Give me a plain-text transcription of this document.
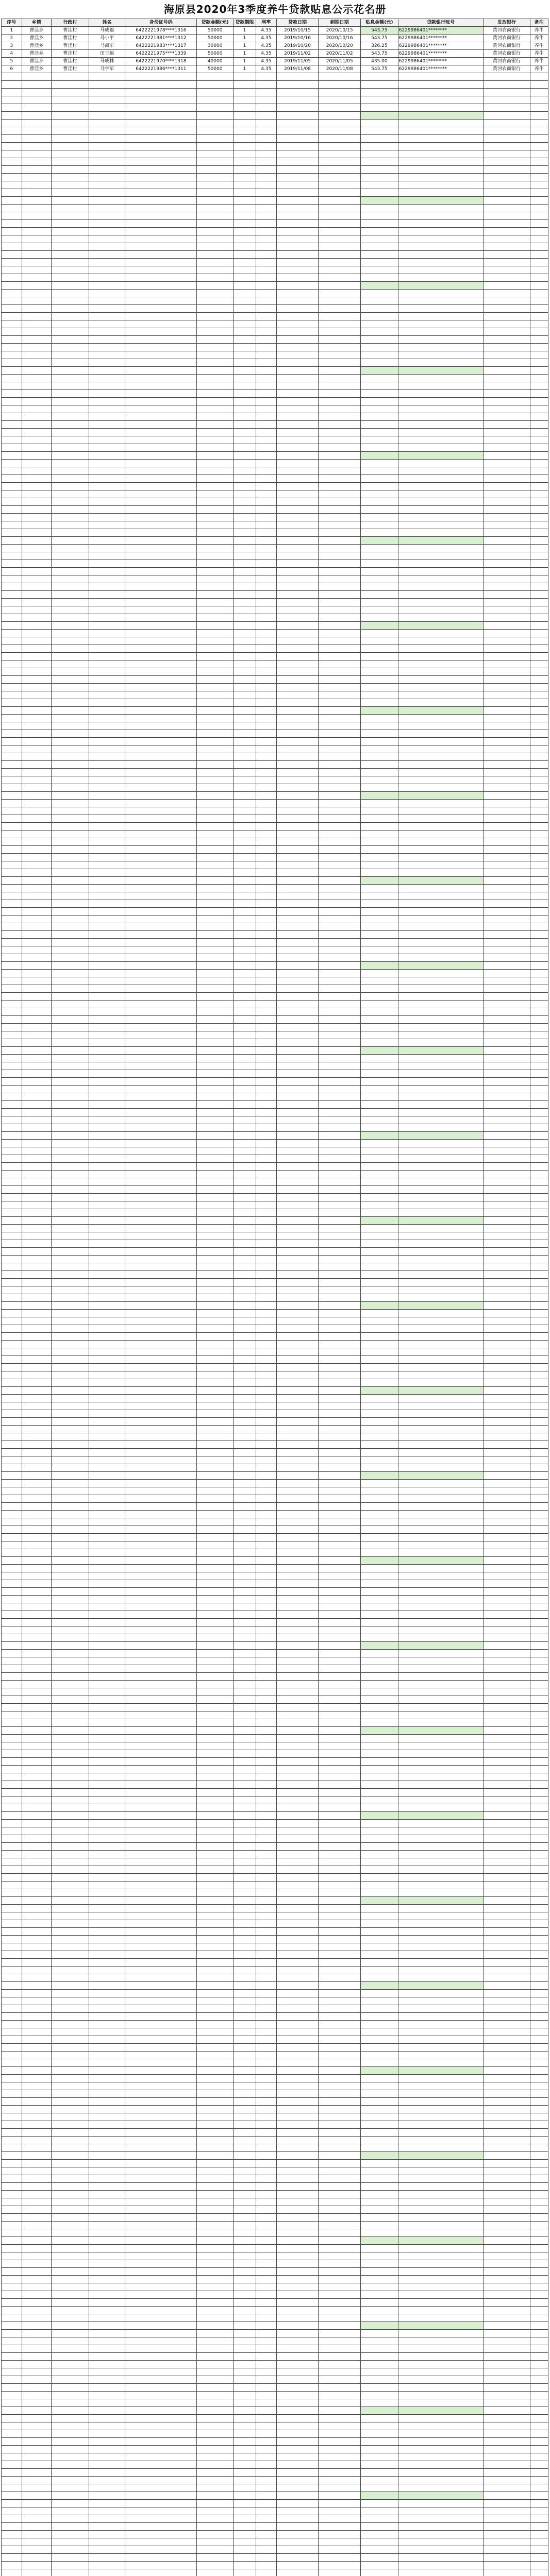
海原县2020年3季度养牛贷款贴息公示花名册
序号	乡镇	行政村	姓名	身份证号码	贷款金额(元)	贷款期限	利率	贷款日期	到期日期	贴息金额(元)	贷款银行账号	发放银行	备注
1	曹洼乡	曹洼村	马成福	6422221978****1316	50000	1	4.35	2019/10/15	2020/10/15	543.75	6229986401********	黄河农商银行	养牛
2	曹洼乡	曹洼村	马小平	6422221981****1312	50000	1	4.35	2019/10/16	2020/10/16	543.75	6229986401********	黄河农商银行	养牛
3	曹洼乡	曹洼村	马海军	6422221983****1317	30000	1	4.35	2019/10/20	2020/10/20	326.25	6229986401********	黄河农商银行	养牛
4	曹洼乡	曹洼村	田玉福	6422221975****1339	50000	1	4.35	2019/11/02	2020/11/02	543.75	6229986401********	黄河农商银行	养牛
5	曹洼乡	曹洼村	马成林	6422221970****1318	40000	1	4.35	2019/11/05	2020/11/05	435.00	6229986401********	黄河农商银行	养牛
6	曹洼乡	曹洼村	马学军	6422221986****1311	50000	1	4.35	2019/11/08	2020/11/08	543.75	6229986401********	黄河农商银行	养牛
